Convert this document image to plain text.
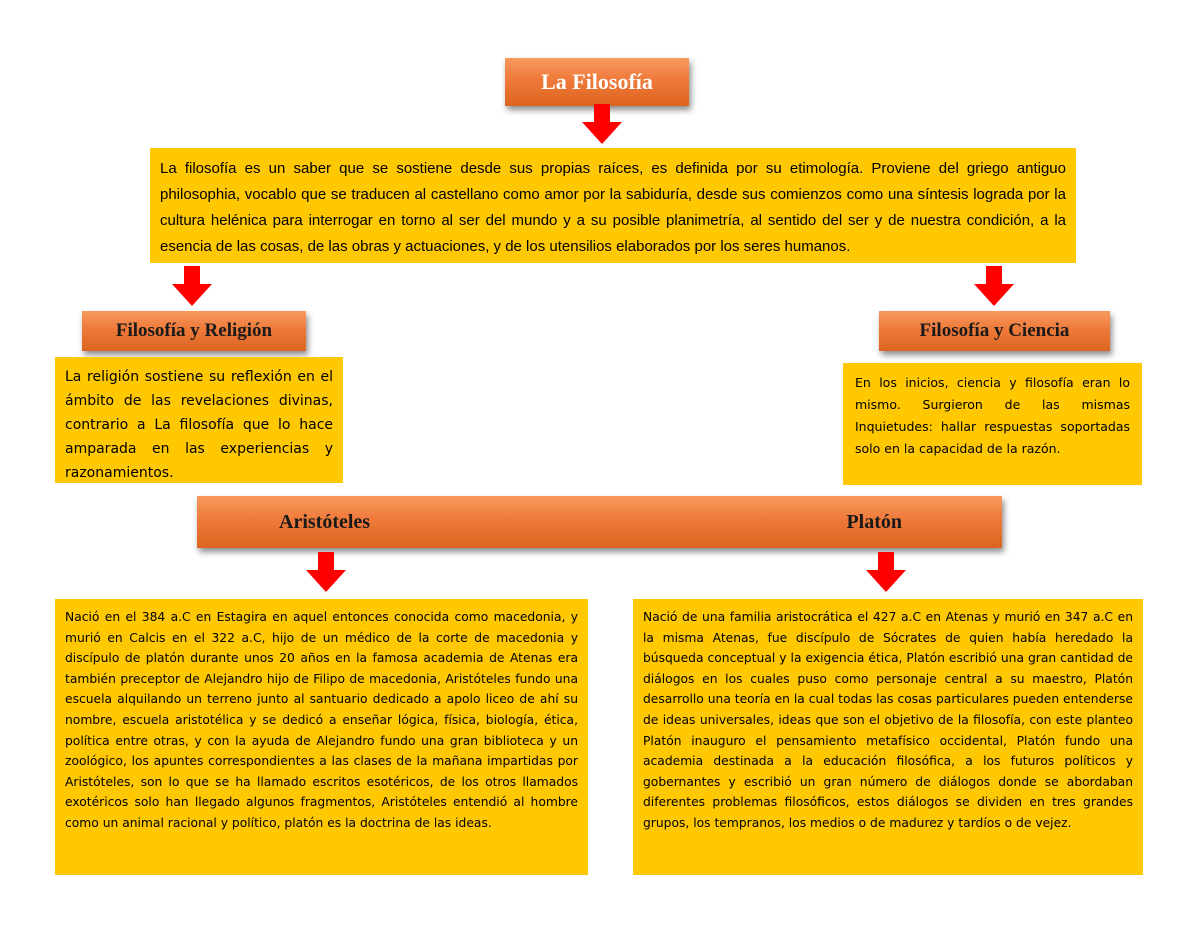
La Filosofía
La filosofía es un saber que se sostiene desde sus propias raíces, es definida por su etimología. Proviene del griego antiguo philosophia, vocablo que se traducen al castellano como amor por la sabiduría, desde sus comienzos como una síntesis lograda por la cultura helénica para interrogar en torno al ser del mundo y a su posible planimetría, al sentido del ser y de nuestra condición, a la esencia de las cosas, de las obras y actuaciones, y de los utensilios elaborados por los seres humanos.
Filosofía y Religión
La religión sostiene su reflexión en el ámbito de las revelaciones divinas, contrario a La filosofía que lo hace amparada en las experiencias y razonamientos.
Filosofía y Ciencia
En los inicios, ciencia y filosofía eran lo mismo. Surgieron de las mismas Inquietudes: hallar respuestas soportadas solo en la capacidad de la razón.
Aristóteles	Platón
Nació en el 384 a.C en Estagira en aquel entonces conocida como macedonia, y murió en Calcis en el 322 a.C, hijo de un médico de la corte de macedonia y discípulo de platón durante unos 20 años en la famosa academia de Atenas era también preceptor de Alejandro hijo de Filipo de macedonia, Aristóteles fundo una escuela alquilando un terreno junto al santuario dedicado a apolo liceo de ahí su nombre, escuela aristotélica y se dedicó a enseñar lógica, física, biología, ética, política entre otras, y con la ayuda de Alejandro fundo una gran biblioteca y un zoológico, los apuntes correspondientes a las clases de la mañana impartidas por Aristóteles, son lo que se ha llamado escritos esotéricos, de los otros llamados exotéricos solo han llegado algunos fragmentos, Aristóteles entendió al hombre como un animal racional y político, platón es la doctrina de las ideas.
Nació de una familia aristocrática el 427 a.C en Atenas y murió en 347 a.C en la misma Atenas, fue discípulo de Sócrates de quien había heredado la búsqueda conceptual y la exigencia ética, Platón escribió una gran cantidad de diálogos en los cuales puso como personaje central a su maestro, Platón desarrollo una teoría en la cual todas las cosas particulares pueden entenderse de ideas universales, ideas que son el objetivo de la filosofía, con este planteo Platón inauguro el pensamiento metafísico occidental, Platón fundo una academia destinada a la educación filosófica, a los futuros políticos y gobernantes y escribió un gran número de diálogos donde se abordaban diferentes problemas filosóficos, estos diálogos se dividen en tres grandes grupos, los tempranos, los medios o de madurez y tardíos o de vejez.
